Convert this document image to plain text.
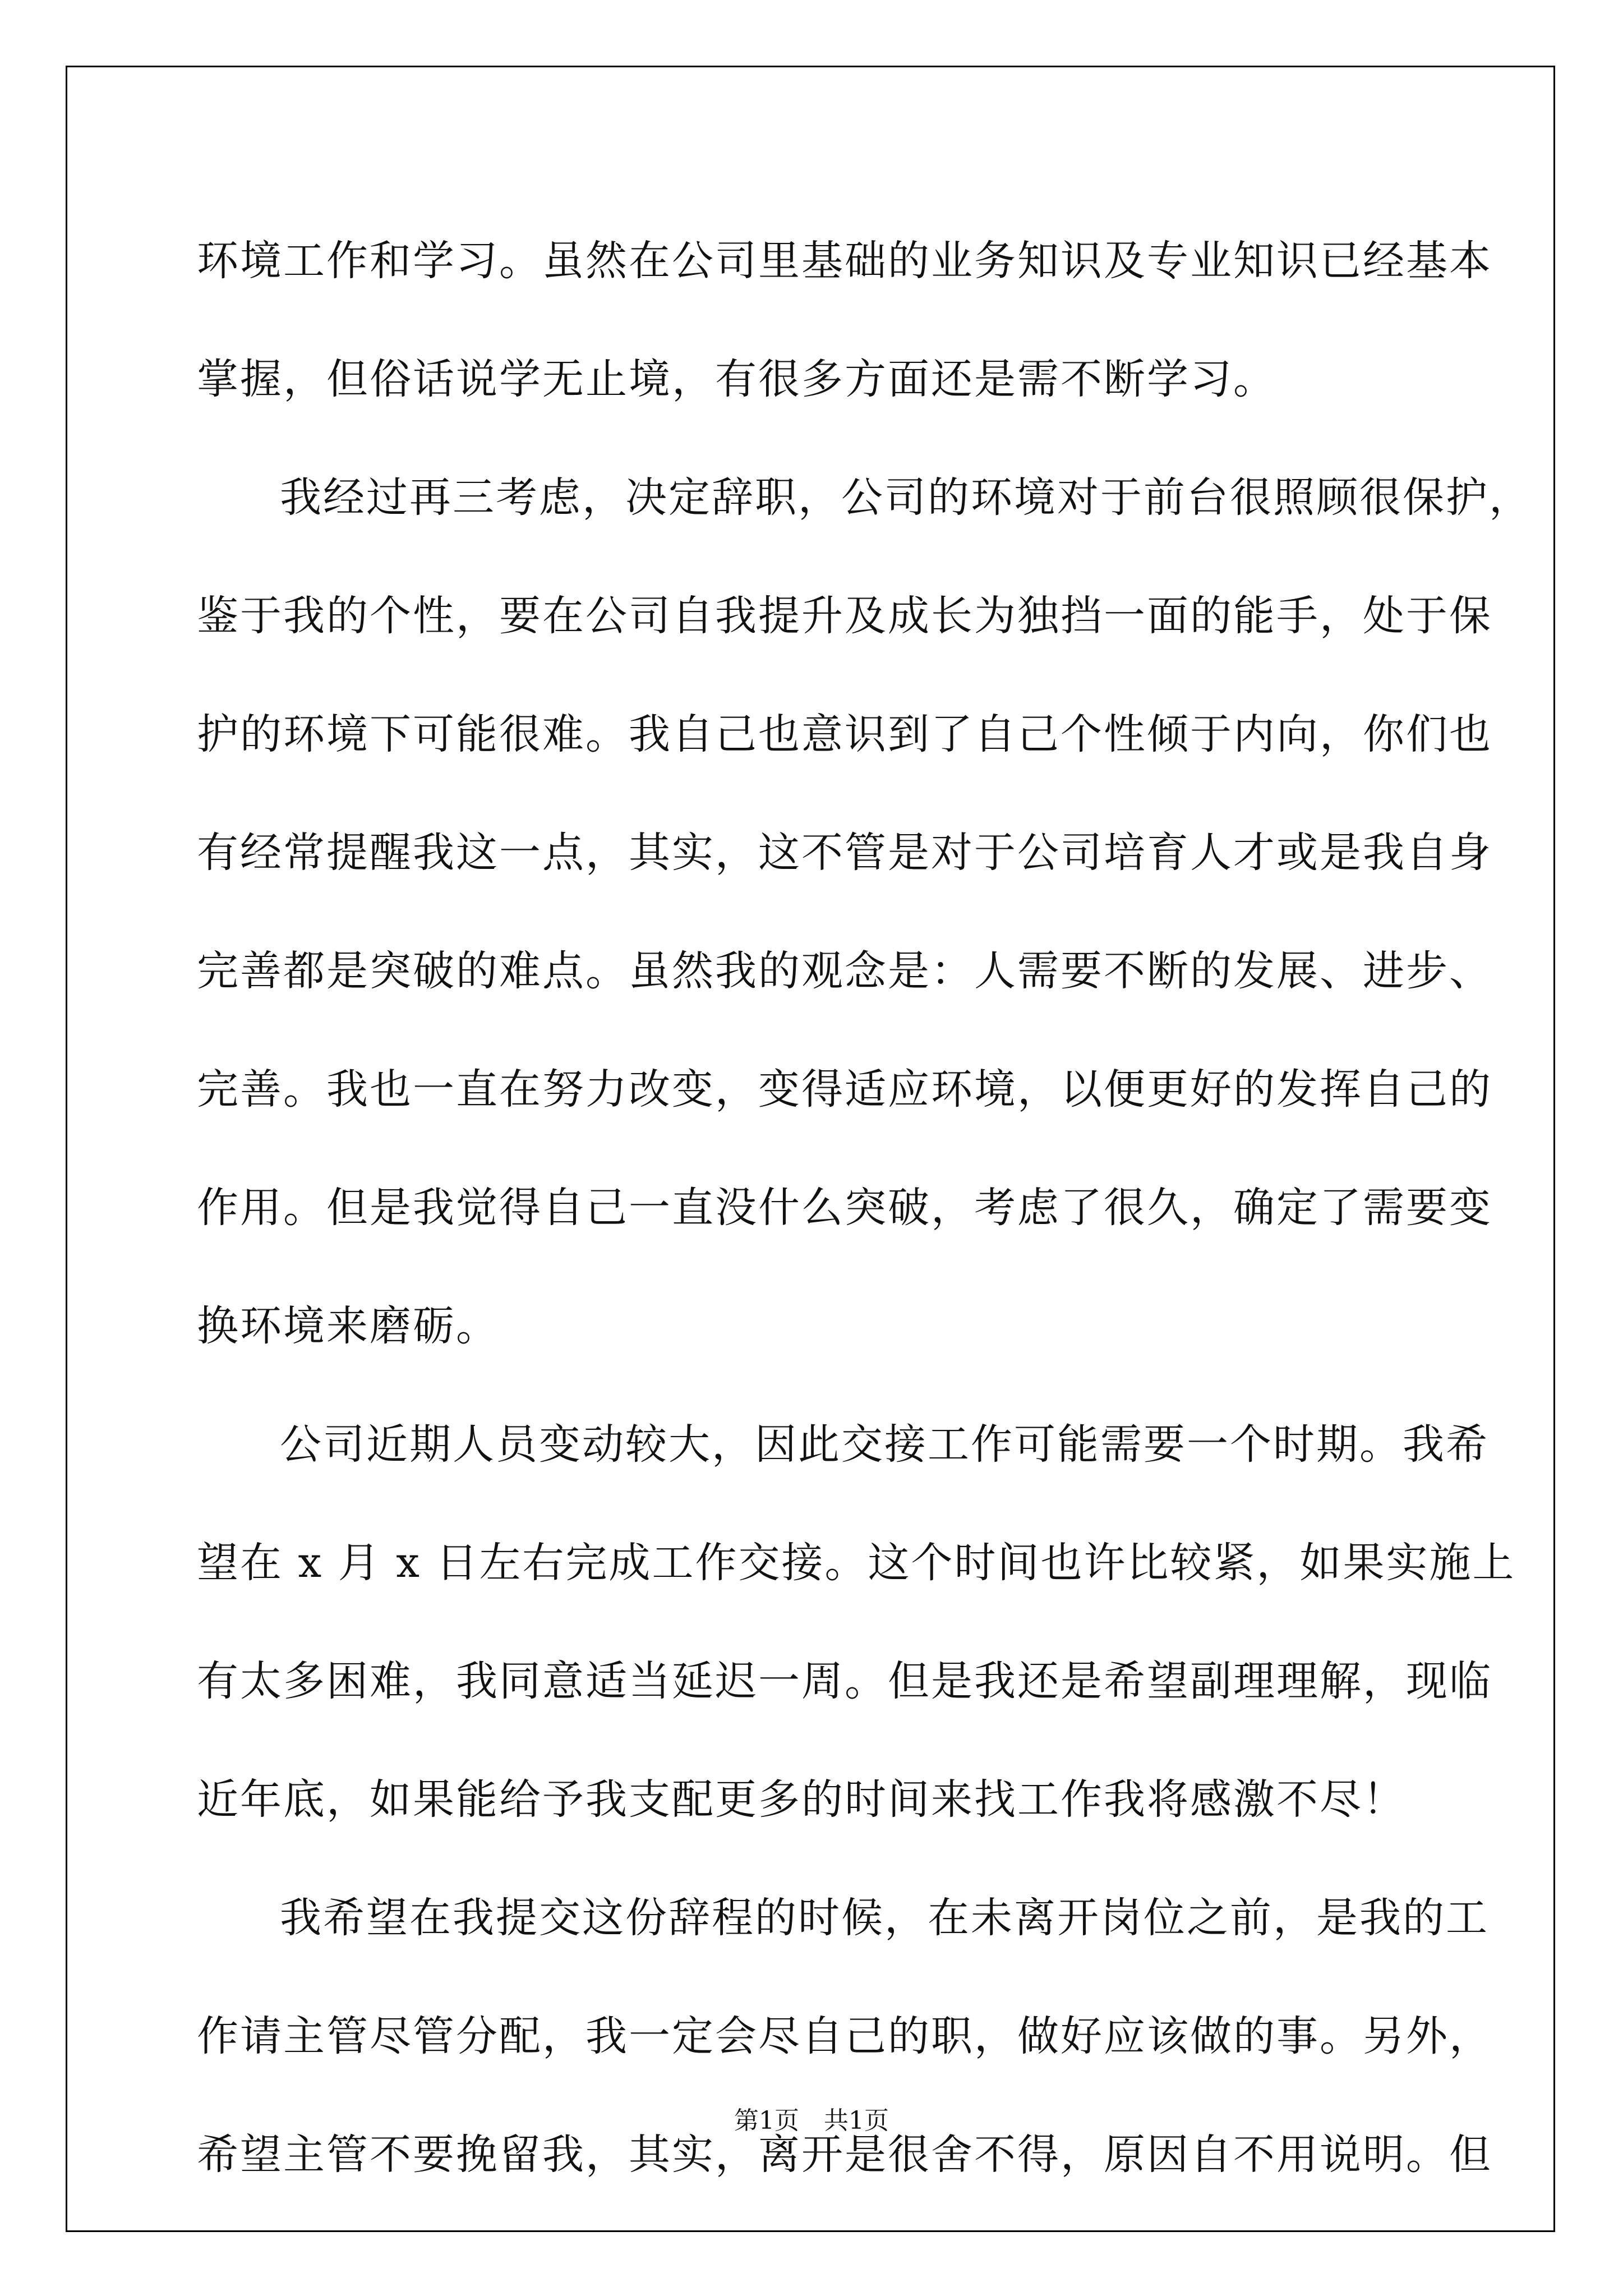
环境工作和学习。虽然在公司里基础的业务知识及专业知识已经基本
掌握，但俗话说学无止境，有很多方面还是需不断学习。
我经过再三考虑，决定辞职，公司的环境对于前台很照顾很保护，
鉴于我的个性，要在公司自我提升及成长为独挡一面的能手，处于保
护的环境下可能很难。我自己也意识到了自己个性倾于内向，你们也
有经常提醒我这一点，其实，这不管是对于公司培育人才或是我自身
完善都是突破的难点。虽然我的观念是：人需要不断的发展、进步、
完善。我也一直在努力改变，变得适应环境，以便更好的发挥自己的
作用。但是我觉得自己一直没什么突破，考虑了很久，确定了需要变
换环境来磨砺。
公司近期人员变动较大，因此交接工作可能需要一个时期。我希
望在 x 月 x 日左右完成工作交接。这个时间也许比较紧，如果实施上
有太多困难，我同意适当延迟一周。但是我还是希望副理理解，现临
近年底，如果能给予我支配更多的时间来找工作我将感激不尽！
我希望在我提交这份辞程的时候，在未离开岗位之前，是我的工
作请主管尽管分配，我一定会尽自己的职，做好应该做的事。另外，
希望主管不要挽留我，其实，离开是很舍不得，原因自不用说明。但
第1页　共1页
